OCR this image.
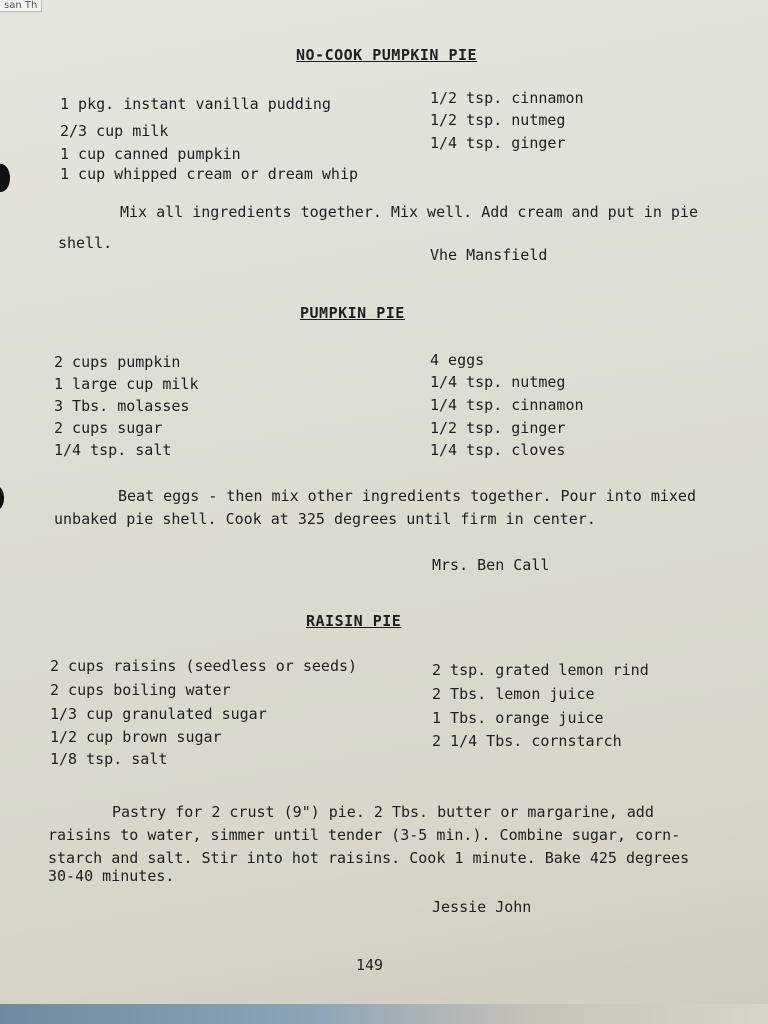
san Th
NO-COOK PUMPKIN PIE
1 pkg. instant vanilla pudding
2/3 cup milk
1 cup canned pumpkin
1 cup whipped cream or dream whip
1/2 tsp. cinnamon
1/2 tsp. nutmeg
1/4 tsp. ginger
Mix all ingredients together. Mix well. Add cream and put in pie
shell.
Vhe Mansfield
PUMPKIN PIE
2 cups pumpkin
1 large cup milk
3 Tbs. molasses
2 cups sugar
1/4 tsp. salt
4 eggs
1/4 tsp. nutmeg
1/4 tsp. cinnamon
1/2 tsp. ginger
1/4 tsp. cloves
Beat eggs - then mix other ingredients together. Pour into mixed
unbaked pie shell. Cook at 325 degrees until firm in center.
Mrs. Ben Call
RAISIN PIE
2 cups raisins (seedless or seeds)
2 cups boiling water
1/3 cup granulated sugar
1/2 cup brown sugar
1/8 tsp. salt
2 tsp. grated lemon rind
2 Tbs. lemon juice
1 Tbs. orange juice
2 1/4 Tbs. cornstarch
Pastry for 2 crust (9") pie. 2 Tbs. butter or margarine, add
raisins to water, simmer until tender (3-5 min.). Combine sugar, corn-
starch and salt. Stir into hot raisins. Cook 1 minute. Bake 425 degrees
30-40 minutes.
Jessie John
149
